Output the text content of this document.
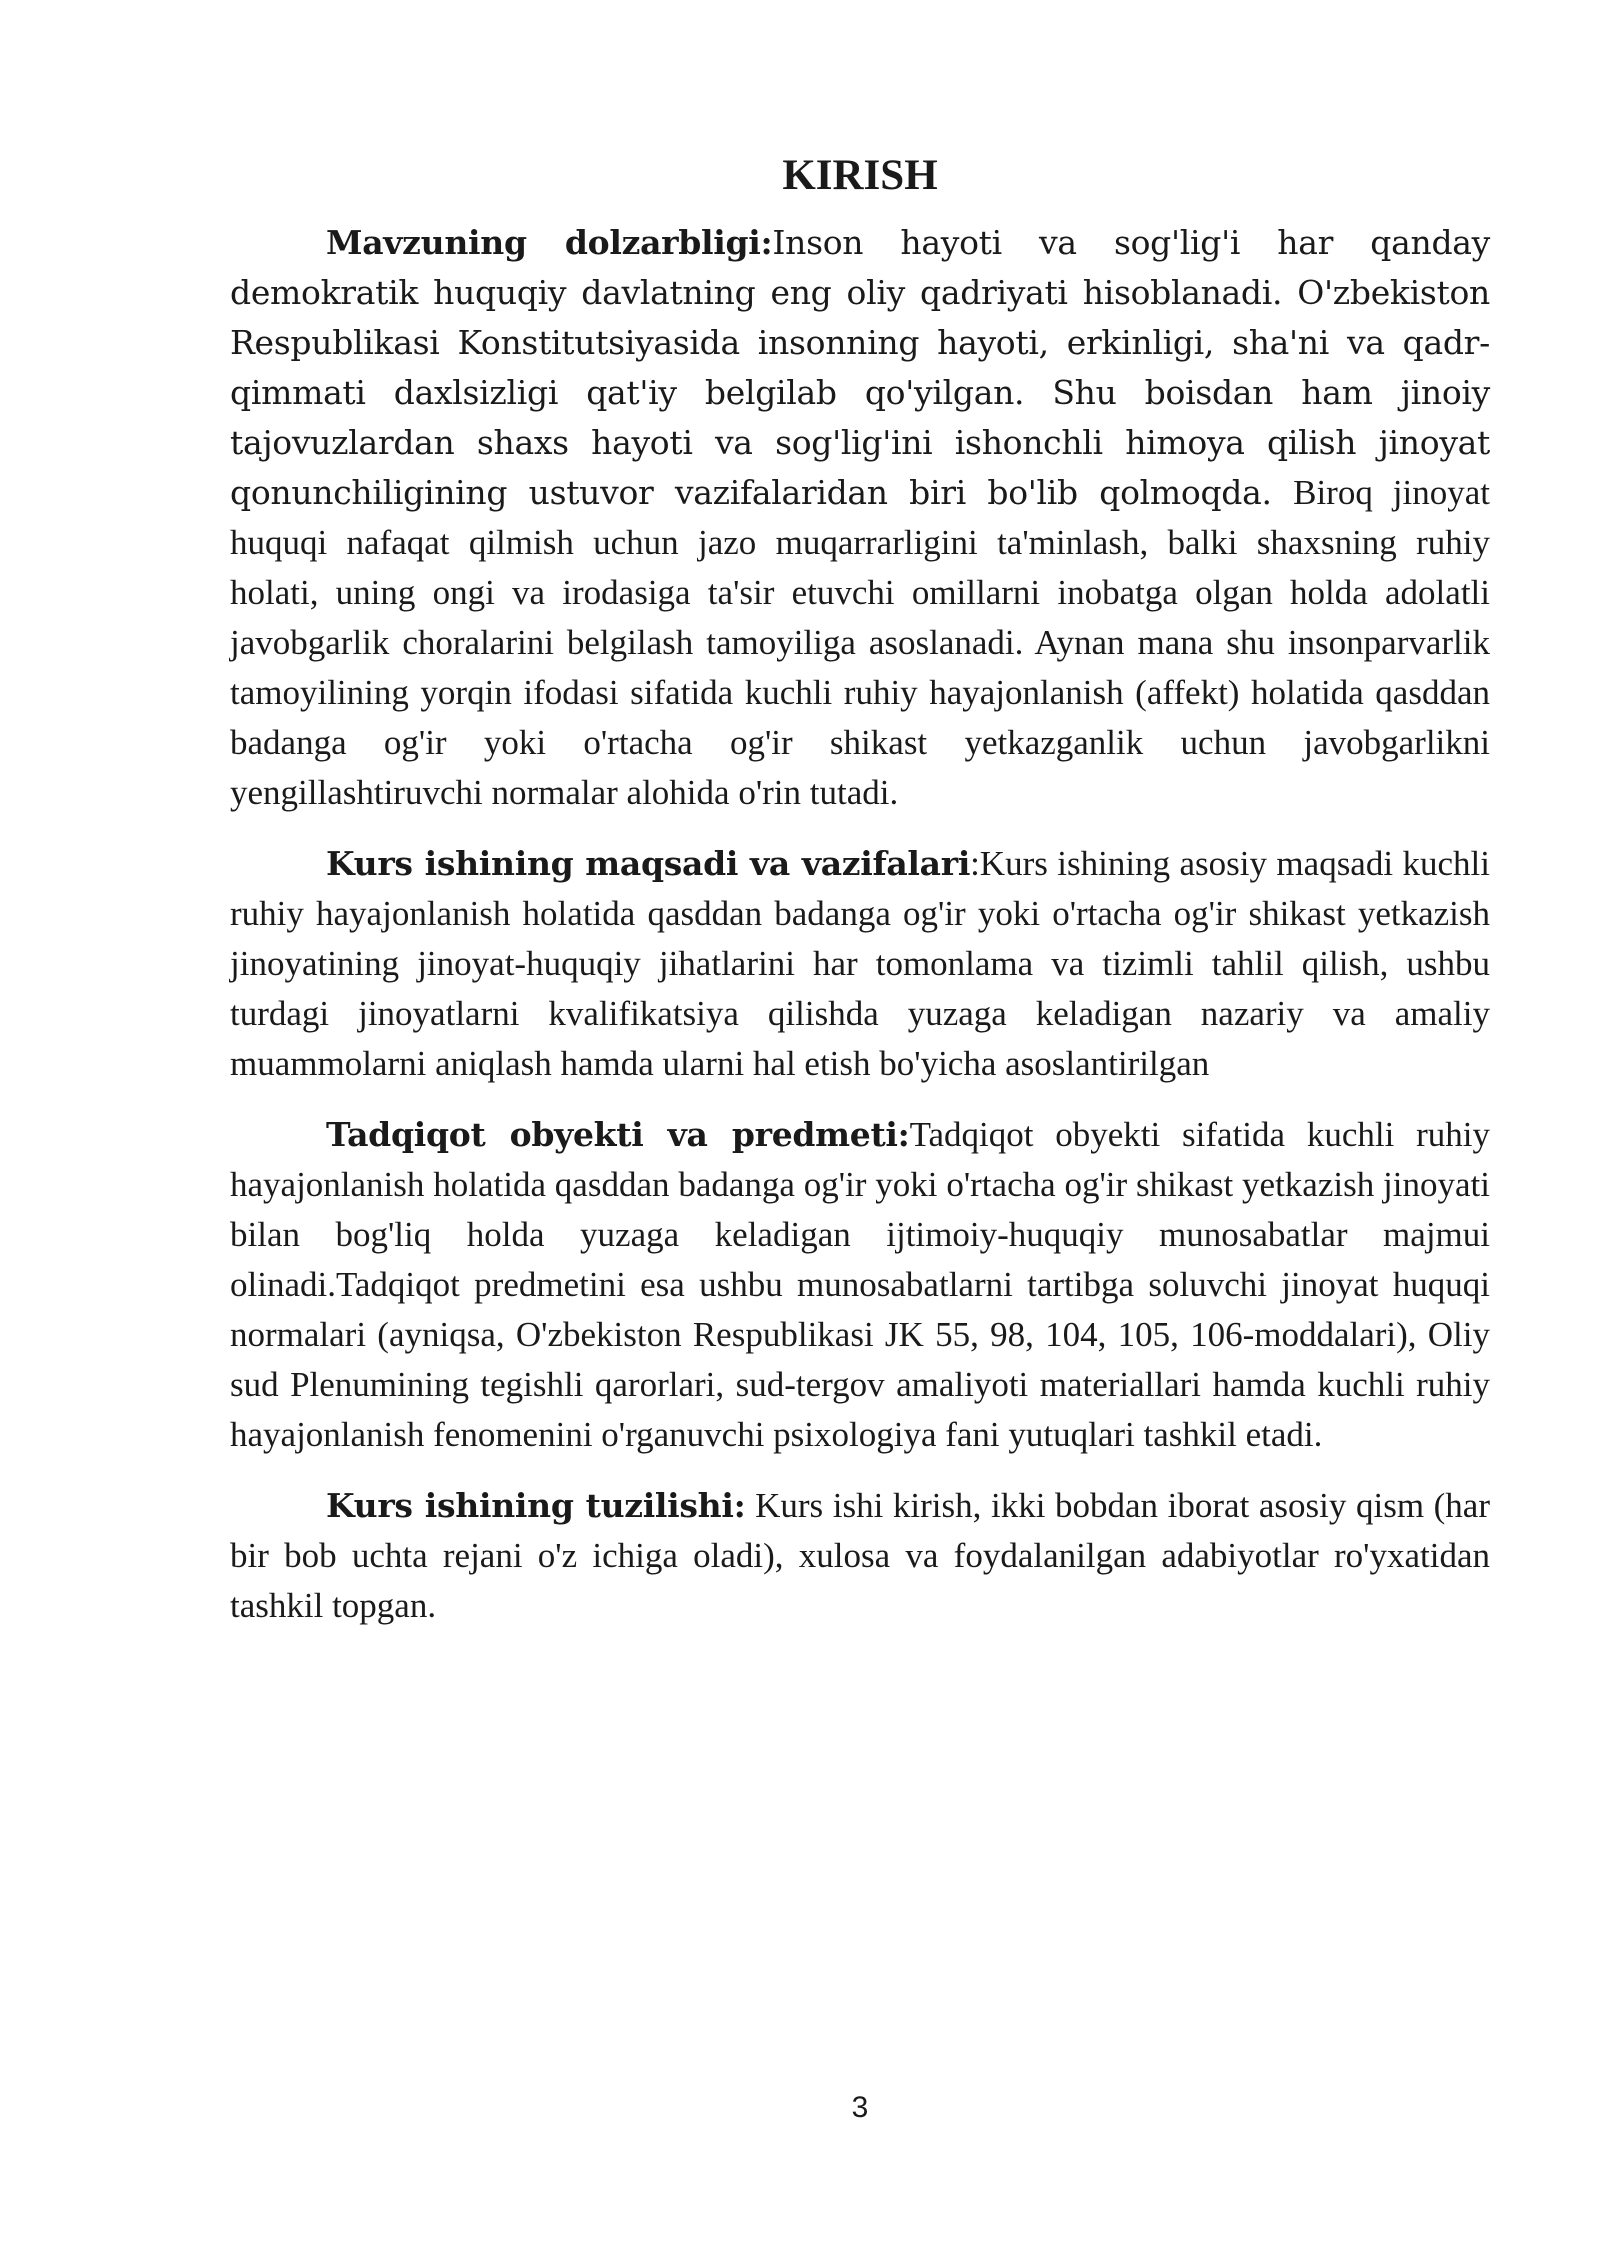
KIRISH

Mavzuning dolzarbligi:Inson hayoti va sog'lig'i har qanday demokratik huquqiy davlatning eng oliy qadriyati hisoblanadi. O'zbekiston Respublikasi Konstitutsiyasida insonning hayoti, erkinligi, sha'ni va qadr-qimmati daxlsizligi qat'iy belgilab qo'yilgan. Shu boisdan ham jinoiy tajovuzlardan shaxs hayoti va sog'lig'ini ishonchli himoya qilish jinoyat qonunchiligining ustuvor vazifalaridan biri bo'lib qolmoqda. Biroq jinoyat huquqi nafaqat qilmish uchun jazo muqarrarligini ta'minlash, balki shaxsning ruhiy holati, uning ongi va irodasiga ta'sir etuvchi omillarni inobatga olgan holda adolatli javobgarlik choralarini belgilash tamoyiliga asoslanadi. Aynan mana shu insonparvarlik tamoyilining yorqin ifodasi sifatida kuchli ruhiy hayajonlanish (affekt) holatida qasddan badanga og'ir yoki o'rtacha og'ir shikast yetkazganlik uchun javobgarlikni yengillashtiruvchi normalar alohida o'rin tutadi.

Kurs ishining maqsadi va vazifalari:Kurs ishining asosiy maqsadi kuchli ruhiy hayajonlanish holatida qasddan badanga og'ir yoki o'rtacha og'ir shikast yetkazish jinoyatining jinoyat-huquqiy jihatlarini har tomonlama va tizimli tahlil qilish, ushbu turdagi jinoyatlarni kvalifikatsiya qilishda yuzaga keladigan nazariy va amaliy muammolarni aniqlash hamda ularni hal etish bo'yicha asoslantirilgan

Tadqiqot obyekti va predmeti:Tadqiqot obyekti sifatida kuchli ruhiy hayajonlanish holatida qasddan badanga og'ir yoki o'rtacha og'ir shikast yetkazish jinoyati bilan bog'liq holda yuzaga keladigan ijtimoiy-huquqiy munosabatlar majmui olinadi.Tadqiqot predmetini esa ushbu munosabatlarni tartibga soluvchi jinoyat huquqi normalari (ayniqsa, O'zbekiston Respublikasi JK 55, 98, 104, 105, 106-moddalari), Oliy sud Plenumining tegishli qarorlari, sud-tergov amaliyoti materiallari hamda kuchli ruhiy hayajonlanish fenomenini o'rganuvchi psixologiya fani yutuqlari tashkil etadi.

Kurs ishining tuzilishi: Kurs ishi kirish, ikki bobdan iborat asosiy qism (har bir bob uchta rejani o'z ichiga oladi), xulosa va foydalanilgan adabiyotlar ro'yxatidan tashkil topgan.

3
